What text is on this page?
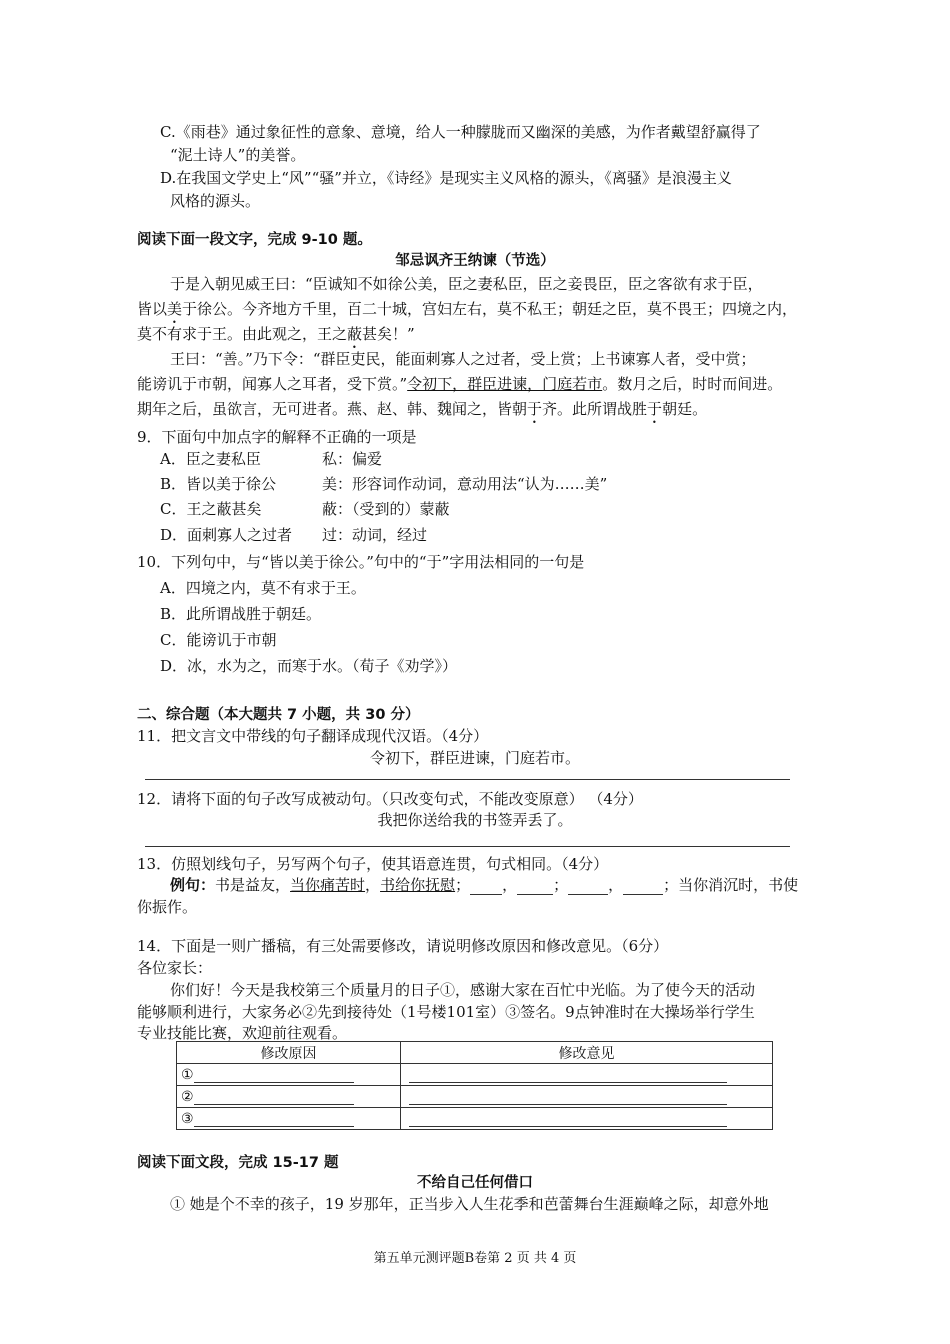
C.《雨巷》通过象征性的意象、意境，给人一种朦胧而又幽深的美感，为作者戴望舒赢得了
“泥土诗人”的美誉。
D.在我国文学史上“风”“骚”并立，《诗经》是现实主义风格的源头，《离骚》是浪漫主义
风格的源头。
阅读下面一段文字，完成 9-10 题。
邹忌讽齐王纳谏（节选）
于是入朝见威王曰：“臣诚知不如徐公美，臣之妻私臣，臣之妾畏臣，臣之客欲有求于臣，
皆以美于徐公。今齐地方千里，百二十城，宫妇左右，莫不私王；朝廷之臣，莫不畏王；四境之内，
莫不有求于王。由此观之，王之蔽甚矣！”
王曰：“善。”乃下令：“群臣吏民，能面刺寡人之过者，受上赏；上书谏寡人者，受中赏；
能谤讥于市朝，闻寡人之耳者，受下赏。”令初下，群臣进谏，门庭若市。数月之后，时时而间进。
期年之后，虽欲言，无可进者。燕、赵、韩、魏闻之，皆朝于齐。此所谓战胜于朝廷。
9．下面句中加点字的解释不正确的一项是
A．臣之妻私臣	私：偏爱
B．皆以美于徐公	美：形容词作动词，意动用法“认为……美”
C．王之蔽甚矣	蔽：（受到的）蒙蔽
D．面刺寡人之过者 过：动词，经过
10．下列句中，与“皆以美于徐公。”句中的“于”字用法相同的一句是
A．四境之内，莫不有求于王。
B．此所谓战胜于朝廷。
C．能谤讥于市朝
D．冰，水为之，而寒于水。（荀子《劝学》）
二、综合题（本大题共 7 小题，共 30 分）
11．把文言文中带线的句子翻译成现代汉语。（4分）
令初下，群臣进谏，门庭若市。
12．请将下面的句子改写成被动句。（只改变句式，不能改变原意） （4分）
我把你送给我的书签弄丢了。
13．仿照划线句子，另写两个句子，使其语意连贯，句式相同。（4分）
例句：书是益友，当你痛苦时，书给你抚慰； ， ；	，	；当你消沉时，书使
你振作。
14．下面是一则广播稿，有三处需要修改，请说明修改原因和修改意见。（6分）
各位家长：
你们好！今天是我校第三个质量月的日子①，感谢大家在百忙中光临。为了使今天的活动
能够顺利进行，大家务必②先到接待处（1号楼101室）③签名。9点钟准时在大操场举行学生
专业技能比赛，欢迎前往观看。
修改原因	修改意见
①	
②	
③	
阅读下面文段，完成 15-17 题
不给自己任何借口
① 她是个不幸的孩子，19 岁那年，正当步入人生花季和芭蕾舞台生涯巅峰之际，却意外地
第五单元测评题B卷第 2 页 共 4 页
